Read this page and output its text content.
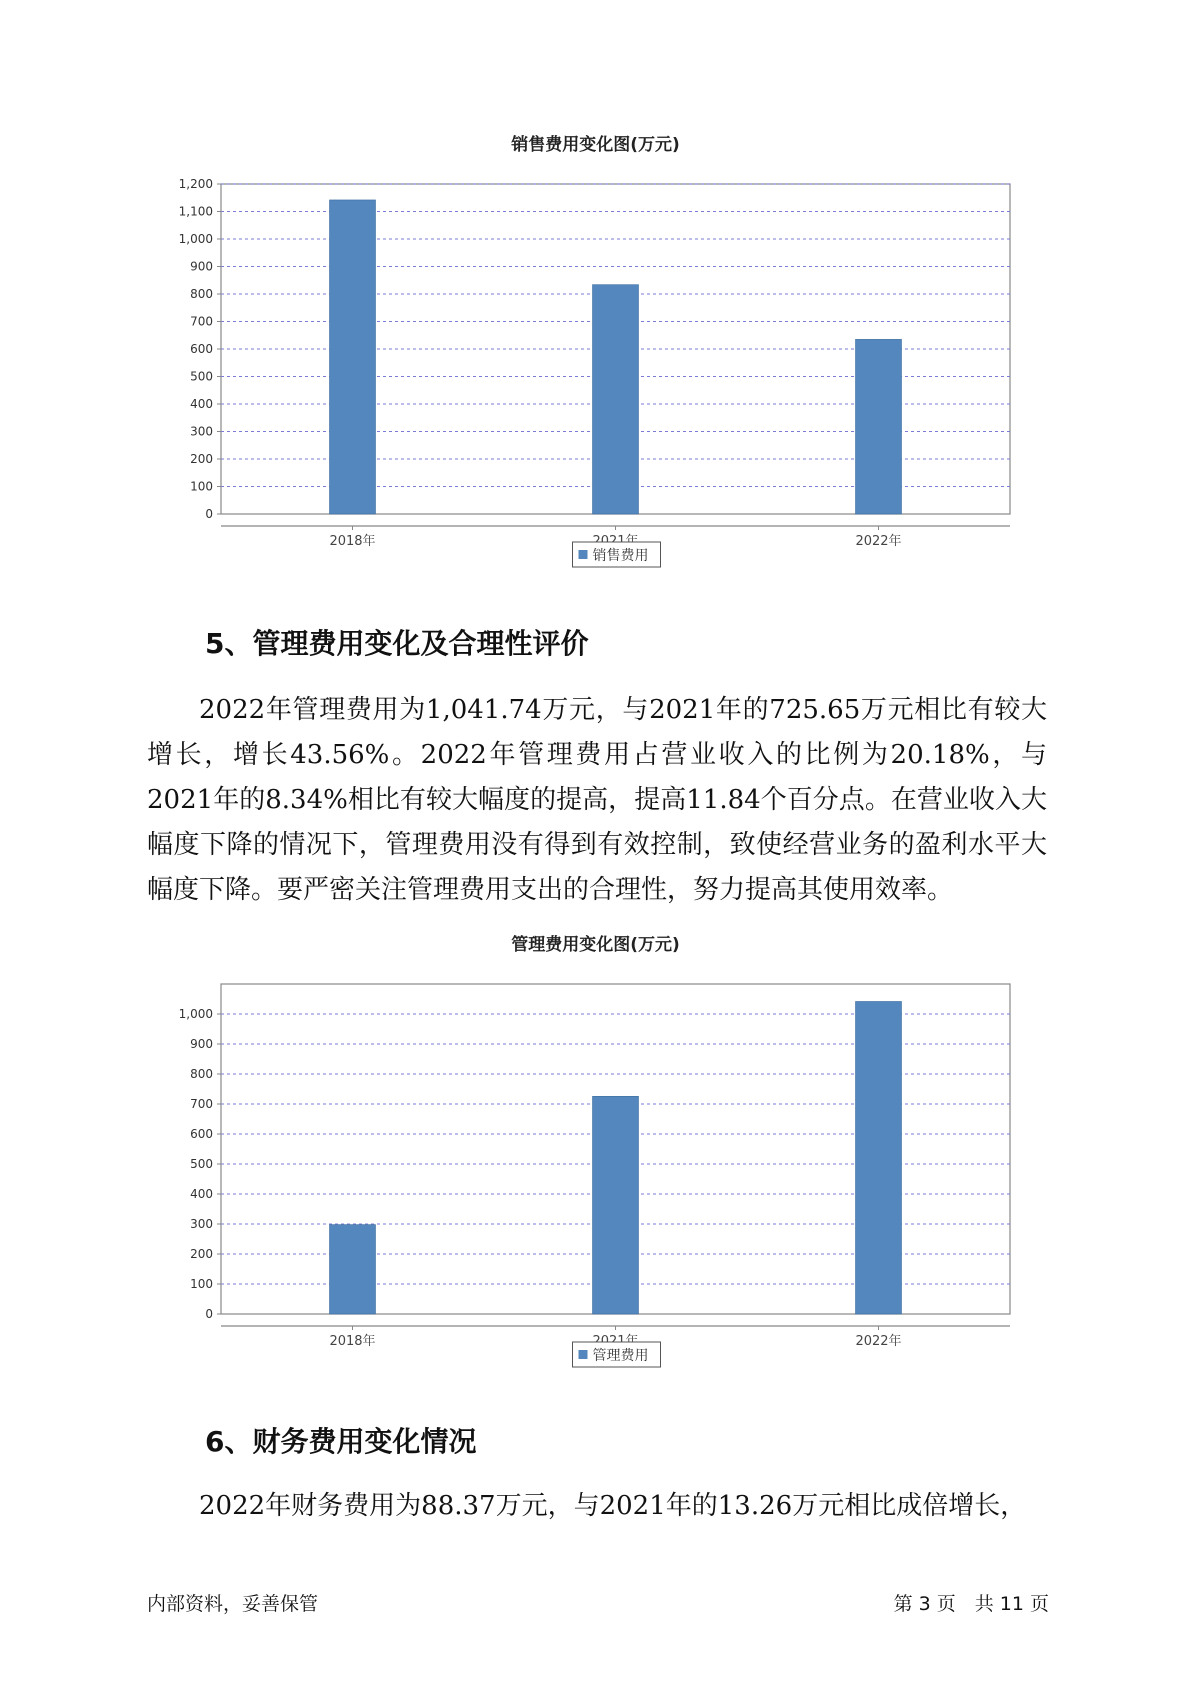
销售费用变化图(万元)
0
100
200
300
400
500
600
700
800
900
1,000
1,100
1,200
2018年	2022年
销售费用
5、管理费用变化及合理性评价

2022年管理费用为1,041.74万元，与2021年的725.65万元相比有较大增长，增长43.56%。2022年管理费用占营业收入的比例为20.18%，与2021年的8.34%相比有较大幅度的提高，提高11.84个百分点。在营业收入大幅度下降的情况下，管理费用没有得到有效控制，致使经营业务的盈利水平大幅度下降。要严密关注管理费用支出的合理性，努力提高其使用效率。

管理费用变化图(万元)
0
100
200
300
400
500
600
700
800
900
1,000
2018年	2022年
管理费用
6、财务费用变化情况

2022年财务费用为88.37万元，与2021年的13.26万元相比成倍增长，

内部资料，妥善保管	第 3 页　共 11 页
